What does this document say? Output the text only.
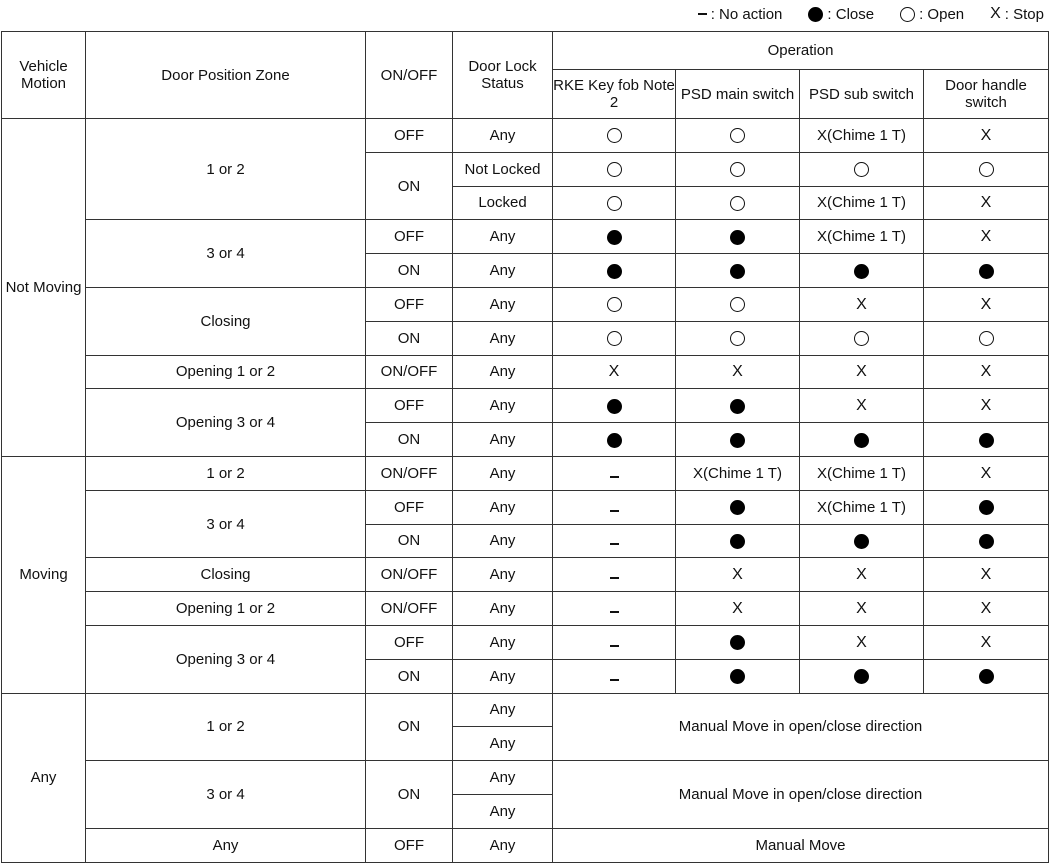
: No action	: Close	: Open X : Stop
Vehicle Motion	Door Position Zone	ON/OFF	Door Lock Status	Operation			
				RKE Key fob Note 2	PSD main switch	PSD sub switch	Door handle switch
Not Moving	1 or 2	OFF	Any			X(Chime 1 T)	X
		ON	Not Locked				
			Locked			X(Chime 1 T)	X
	3 or 4	OFF	Any			X(Chime 1 T)	X
		ON	Any				
	Closing	OFF	Any			X	X
		ON	Any				
	Opening 1 or 2	ON/OFF	Any	X	X	X	X
	Opening 3 or 4	OFF	Any			X	X
		ON	Any				
Moving	1 or 2	ON/OFF	Any		X(Chime 1 T)	X(Chime 1 T)	X
	3 or 4	OFF	Any			X(Chime 1 T)	
		ON	Any				
	Closing	ON/OFF	Any		X	X	X
	Opening 1 or 2	ON/OFF	Any		X	X	X
	Opening 3 or 4	OFF	Any			X	X
		ON	Any				
Any	1 or 2	ON	Any	Manual Move in open/close direction			
			Any				
	3 or 4	ON	Any	Manual Move in open/close direction			
			Any				
	Any	OFF	Any	Manual Move			
